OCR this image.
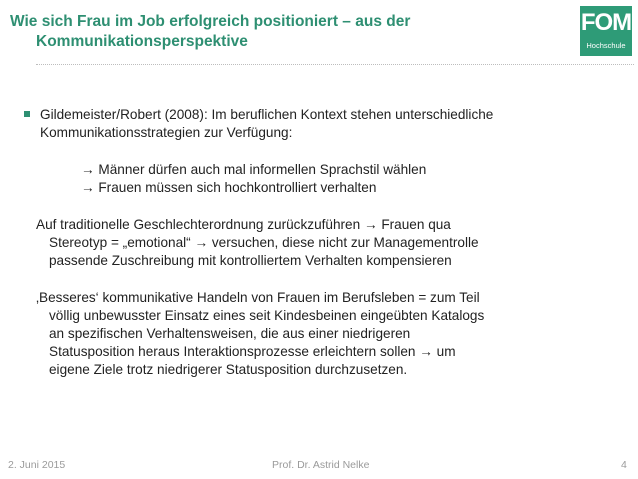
Wie sich Frau im Job erfolgreich positioniert – aus der
Kommunikationsperspektive
FOM
Hochschule
Gildemeister/Robert (2008): Im beruflichen Kontext stehen unterschiedliche
Kommunikationsstrategien zur Verfügung:
→ Männer dürfen auch mal informellen Sprachstil wählen
→ Frauen müssen sich hochkontrolliert verhalten

Auf traditionelle Geschlechterordnung zurückzuführen → Frauen qua

Stereotyp = „emotional“ → versuchen, diese nicht zur Managementrolle

passende Zuschreibung mit kontrolliertem Verhalten kompensieren

‚Besseres‘ kommunikative Handeln von Frauen im Berufsleben = zum Teil

völlig unbewusster Einsatz eines seit Kindesbeinen eingeübten Katalogs

an spezifischen Verhaltensweisen, die aus einer niedrigeren

Statusposition heraus Interaktionsprozesse erleichtern sollen → um

eigene Ziele trotz niedrigerer Statusposition durchzusetzen.

2. Juni 2015	Prof. Dr. Astrid Nelke	4
